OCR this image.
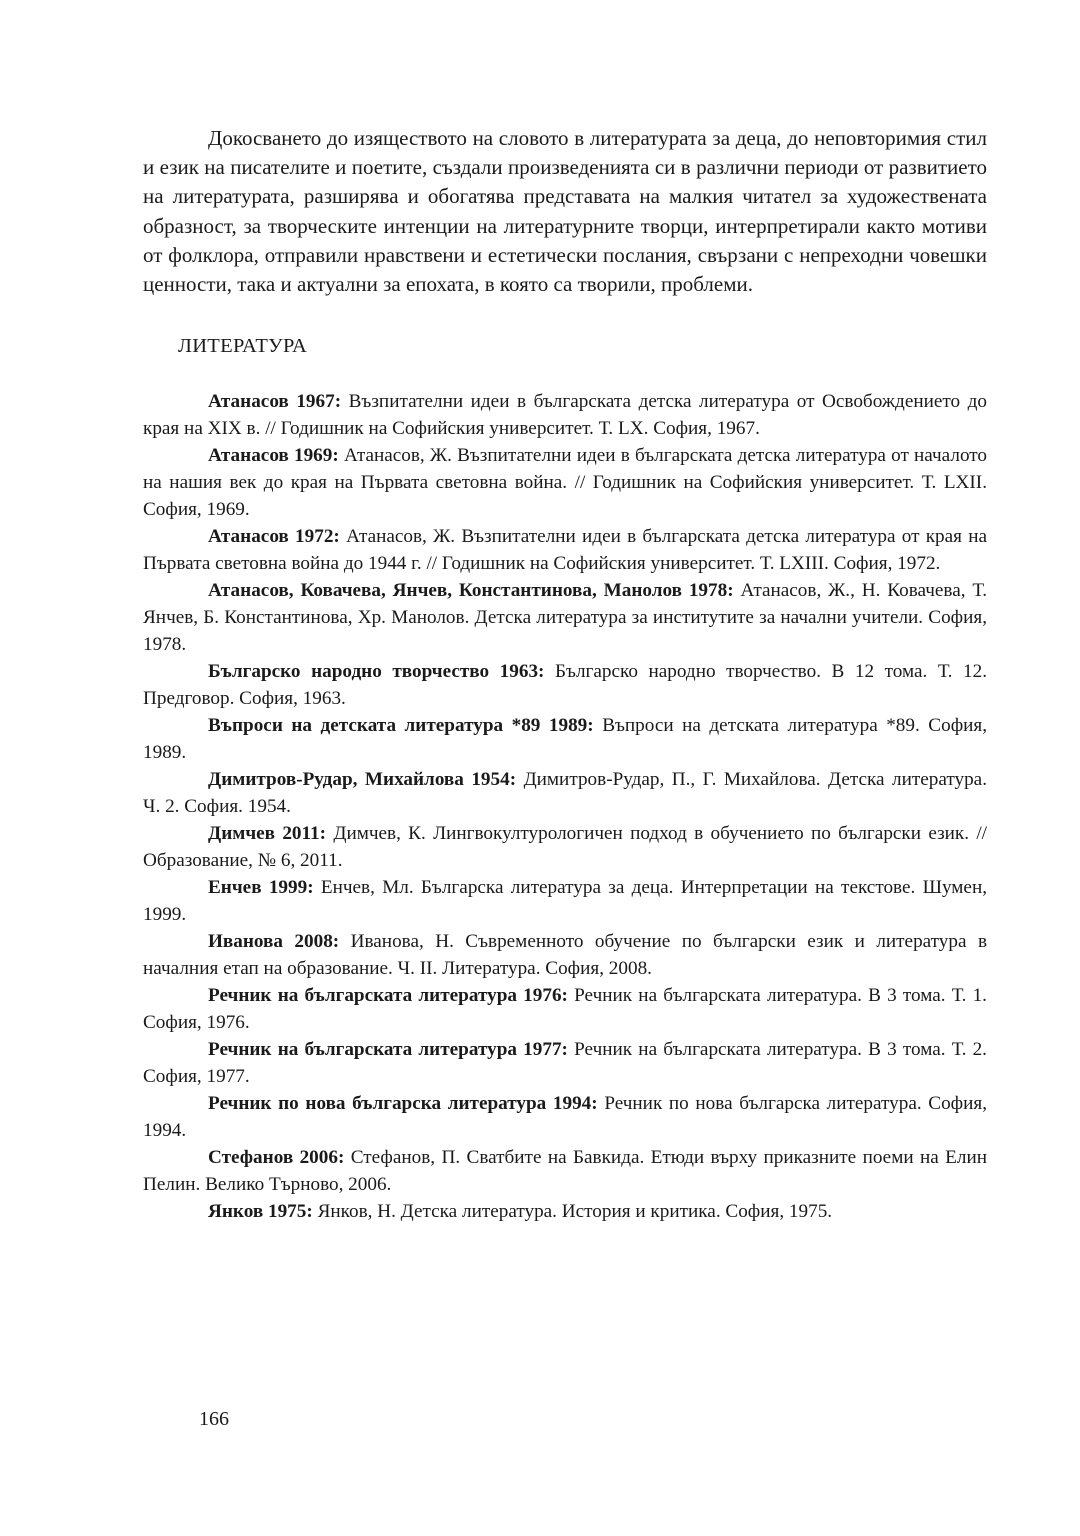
Докосването до изяществото на словото в литературата за деца, до неповторимия стил и език на писателите и поетите, създали произведенията си в различни периоди от развитието на литературата, разширява и обогатява представата на малкия читател за художествената образност, за творческите интенции на литературните творци, интерпретирали както мотиви от фолклора, отправили нравствени и естетически послания, свързани с непреходни човешки ценности, така и актуални за епохата, в която са творили, проблеми.

ЛИТЕРАТУРА

Атанасов 1967: Възпитателни идеи в българската детска литература от Освобождението до края на XIX в. // Годишник на Софийския университет. Т. LX. София, 1967.

Атанасов 1969: Атанасов, Ж. Възпитателни идеи в българската детска литература от началото на нашия век до края на Първата световна война. // Годишник на Софийския университет. Т. LXII. София, 1969.

Атанасов 1972: Атанасов, Ж. Възпитателни идеи в българската детска литература от края на Първата световна война до 1944 г. // Годишник на Софийския университет. Т. LXIII. София, 1972.

Атанасов, Ковачева, Янчев, Константинова, Манолов 1978: Атанасов, Ж., Н. Ковачева, Т. Янчев, Б. Константинова, Хр. Манолов. Детска литература за институтите за начални учители. София, 1978.

Българско народно творчество 1963: Българско народно творчество. В 12 тома. Т. 12. Предговор. София, 1963.

Въпроси на детската литература *89 1989: Въпроси на детската литература *89. София, 1989.

Димитров-Рудар, Михайлова 1954: Димитров-Рудар, П., Г. Михайлова. Детска литература. Ч. 2. София. 1954.

Димчев 2011: Димчев, К. Лингвокултурологичен подход в обучението по български език. // Образование, № 6, 2011.

Енчев 1999: Енчев, Мл. Българска литература за деца. Интерпретации на текстове. Шумен, 1999.

Иванова 2008: Иванова, Н. Съвременното обучение по български език и литература в началния етап на образование. Ч. II. Литература. София, 2008.

Речник на българската литература 1976: Речник на българската литература. В 3 тома. Т. 1. София, 1976.

Речник на българската литература 1977: Речник на българската литература. В 3 тома. Т. 2. София, 1977.

Речник по нова българска литература 1994: Речник по нова българска литература. София, 1994.

Стефанов 2006: Стефанов, П. Сватбите на Бавкида. Етюди върху приказните поеми на Елин Пелин. Велико Търново, 2006.

Янков 1975: Янков, Н. Детска литература. История и критика. София, 1975.

166
